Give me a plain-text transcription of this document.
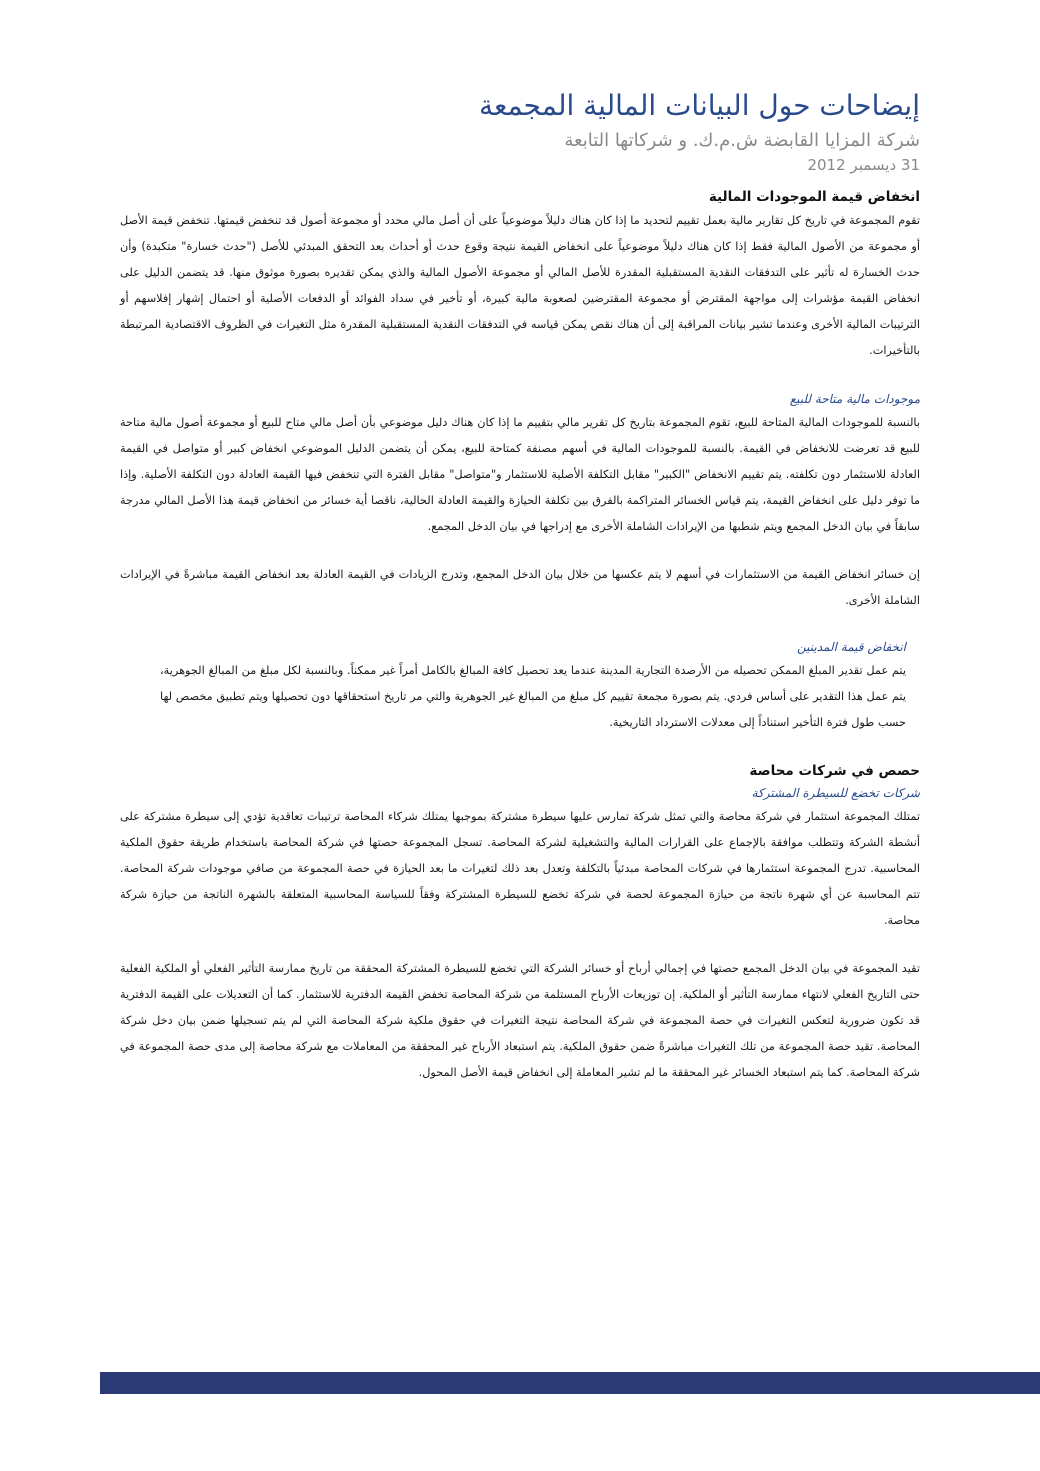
إيضاحات حول البيانات المالية المجمعة
شركة المزايا القابضة ش.م.ك. و شركاتها التابعة
31 ديسمبر 2012
انخفاض قيمة الموجودات المالية

تقوم المجموعة في تاريخ كل تقارير مالية بعمل تقييم لتحديد ما إذا كان هناك دليلاً موضوعياً على أن أصل مالي محدد أو مجموعة أصول قد تنخفض قيمتها. تنخفض قيمة الأصل أو مجموعة من الأصول المالية فقط إذا كان هناك دليلاً موضوعياً على انخفاض القيمة نتيجة وقوع حدث أو أحداث بعد التحقق المبدئي للأصل ("حدث خسارة" متكبدة) وأن حدث الخسارة له تأثير على التدفقات النقدية المستقبلية المقدرة للأصل المالي أو مجموعة الأصول المالية والذي يمكن تقديره بصورة موثوق منها. قد يتضمن الدليل على انخفاض القيمة مؤشرات إلى مواجهة المقترض أو مجموعة المقترضين لصعوبة مالية كبيرة، أو تأخير في سداد الفوائد أو الدفعات الأصلية أو احتمال إشهار إفلاسهم أو الترتيبات المالية الأخرى وعندما تشير بيانات المراقبة إلى أن هناك نقص يمكن قياسه في التدفقات النقدية المستقبلية المقدرة مثل التغيرات في الظروف الاقتصادية المرتبطة بالتأخيرات.

موجودات مالية متاحة للبيع

بالنسبة للموجودات المالية المتاحة للبيع، تقوم المجموعة بتاريخ كل تقرير مالي بتقييم ما إذا كان هناك دليل موضوعي بأن أصل مالي متاح للبيع أو مجموعة أصول مالية متاحة للبيع قد تعرضت للانخفاض في القيمة. بالنسبة للموجودات المالية في أسهم مصنفة كمتاحة للبيع، يمكن أن يتضمن الدليل الموضوعي انخفاض كبير أو متواصل في القيمة العادلة للاستثمار دون تكلفته. يتم تقييم الانخفاض "الكبير" مقابل التكلفة الأصلية للاستثمار و"متواصل" مقابل الفترة التي تنخفض فيها القيمة العادلة دون التكلفة الأصلية. وإذا ما توفر دليل على انخفاض القيمة، يتم قياس الخسائر المتراكمة بالفرق بين تكلفة الحيازة والقيمة العادلة الحالية، ناقصا أية خسائر من انخفاض قيمة هذا الأصل المالي مدرجة سابقاً في بيان الدخل المجمع ويتم شطبها من الإيرادات الشاملة الأخرى مع إدراجها في بيان الدخل المجمع.

إن خسائر انخفاض القيمة من الاستثمارات في أسهم لا يتم عكسها من خلال بيان الدخل المجمع، وتدرج الزيادات في القيمة العادلة بعد انخفاض القيمة مباشرةً في الإيرادات الشاملة الأخرى.

انخفاض قيمة المدينين

يتم عمل تقدير المبلغ الممكن تحصيله من الأرصدة التجارية المدينة عندما يعد تحصيل كافة المبالغ بالكامل أمراً غير ممكناً. وبالنسبة لكل مبلغ من المبالغ الجوهرية، يتم عمل هذا التقدير على أساس فردي. يتم بصورة مجمعة تقييم كل مبلغ من المبالغ غير الجوهرية والتي مر تاريخ استحقاقها دون تحصيلها ويتم تطبيق مخصص لها حسب طول فترة التأخير استناداً إلى معدلات الاسترداد التاريخية.

حصص في شركات محاصة
شركات تخضع للسيطرة المشتركة

تمتلك المجموعة استثمار في شركة محاصة والتي تمثل شركة تمارس عليها سيطرة مشتركة بموجبها يمتلك شركاء المحاصة ترتيبات تعاقدية تؤدي إلى سيطرة مشتركة على أنشطة الشركة وتتطلب موافقة بالإجماع على القرارات المالية والتشغيلية لشركة المحاصة. تسجل المجموعة حصتها في شركة المحاصة باستخدام طريقة حقوق الملكية المحاسبية. تدرج المجموعة استثمارها في شركات المحاصة مبدئياً بالتكلفة وتعدل بعد ذلك لتغيرات ما بعد الحيازة في حصة المجموعة من صافي موجودات شركة المحاصة. تتم المحاسبة عن أي شهرة ناتجة من حيازة المجموعة لحصة في شركة تخضع للسيطرة المشتركة وفقاً للسياسة المحاسبية المتعلقة بالشهرة الناتجة من حيازة شركة محاصة.

تقيد المجموعة في بيان الدخل المجمع حصتها في إجمالي أرباح أو خسائر الشركة التي تخضع للسيطرة المشتركة المحققة من تاريخ ممارسة التأثير الفعلي أو الملكية الفعلية حتى التاريخ الفعلي لانتهاء ممارسة التأثير أو الملكية. إن توزيعات الأرباح المستلمة من شركة المحاصة تخفض القيمة الدفترية للاستثمار. كما أن التعديلات على القيمة الدفترية قد تكون ضرورية لتعكس التغيرات في حصة المجموعة في شركة المحاصة نتيجة التغيرات في حقوق ملكية شركة المحاصة التي لم يتم تسجيلها ضمن بيان دخل شركة المحاصة. تقيد حصة المجموعة من تلك التغيرات مباشرةً ضمن حقوق الملكية. يتم استبعاد الأرباح غير المحققة من المعاملات مع شركة محاصة إلى مدى حصة المجموعة في شركة المحاصة. كما يتم استبعاد الخسائر غير المحققة ما لم تشير المعاملة إلى انخفاض قيمة الأصل المحول.
